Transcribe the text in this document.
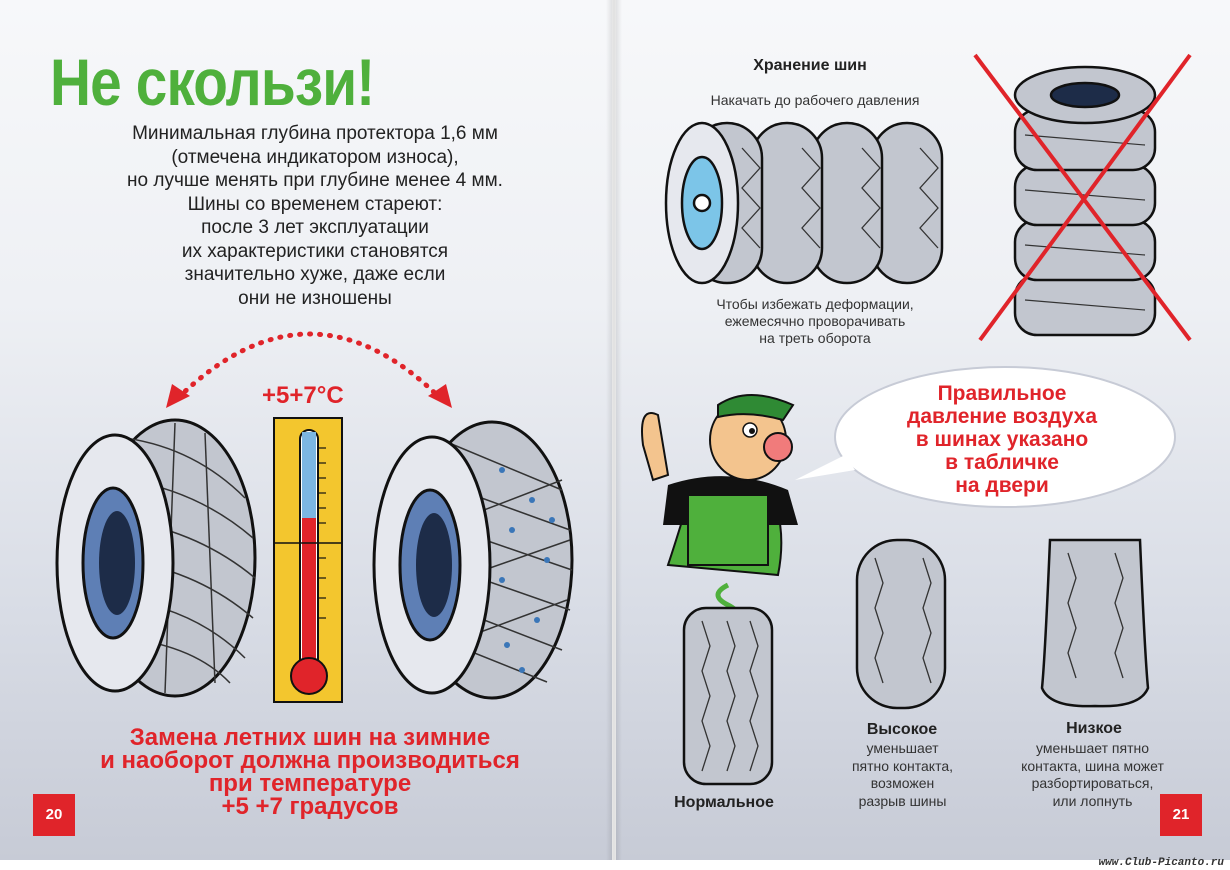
Не скользи!
Минимальная глубина протектора 1,6 мм
(отмечена индикатором износа),
но лучше менять при глубине менее 4 мм.
Шины со временем стареют:
после 3 лет эксплуатации
их характеристики становятся
значительно хуже, даже если
они не изношены
+5+7°C
Замена летних шин на зимние
и наоборот должна производиться
при температуре
+5 +7 градусов
20
Хранение шин
Накачать до рабочего давления
Чтобы избежать деформации,
ежемесячно проворачивать
на треть оборота
Правильное
давление воздуха
в шинах указано
в табличке
на двери
Нормальное
Высокое
уменьшает
пятно контакта,
возможен
разрыв шины
Низкое
уменьшает пятно
контакта, шина может
разбортироваться,
или лопнуть
21
www.Club-Picanto.ru
